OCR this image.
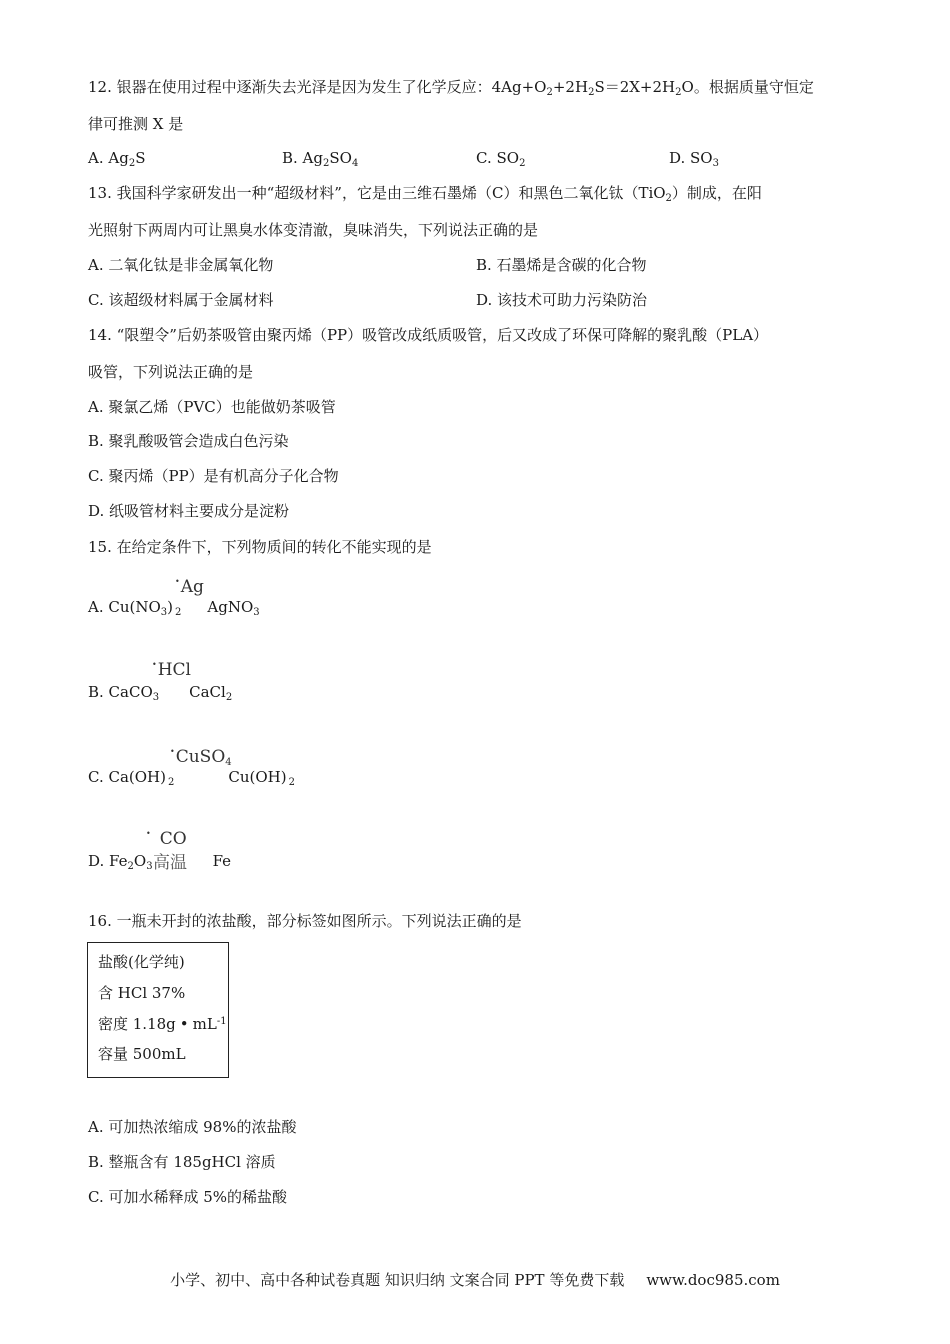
12. 银器在使用过程中逐渐失去光泽是因为发生了化学反应：$4Ag+O_2+2H_2S=2X+2H_2O$。根据质量守恒定
律可推测 X 是
A. $Ag_2S$	B. $Ag_2SO_4$	C. $SO_2$	D. $SO_3$
13. 我国科学家研发出一种“超级材料”，它是由三维石墨烯（C）和黑色二氧化钛（TiO$_2$）制成，在阳
光照射下两周内可让黑臭水体变清澈，臭味消失，下列说法正确的是
A. 二氧化钛是非金属氧化物	B. 石墨烯是含碳的化合物
C. 该超级材料属于金属材料	D. 该技术可助力污染防治
14. “限塑令”后奶茶吸管由聚丙烯（PP）吸管改成纸质吸管，后又改成了环保可降解的聚乳酸（PLA）
吸管，下列说法正确的是
A. 聚氯乙烯（PVC）也能做奶茶吸管
B. 聚乳酸吸管会造成白色污染
C. 聚丙烯（PP）是有机高分子化合物
D. 纸吸管材料主要成分是淀粉
15. 在给定条件下，下列物质间的转化不能实现的是
•Ag
A. $Cu(NO_3)$ $_2$ AgNO$_3$
•HCl
B. CaCO$_3$ CaCl$_2$
•CuSO$_4$
C. Ca(OH) $_2$	Cu(OH) $_2$
• CO
D. $Fe_2O_3$	Fe
高温
16. 一瓶未开封的浓盐酸，部分标签如图所示。下列说法正确的是
盐酸(化学纯)
含 HCl 37%
密度 1.18g • $mL^{-1}$
容量 500mL
A. 可加热浓缩成 98%的浓盐酸
B. 整瓶含有 185gHCl 溶质
C. 可加水稀释成 5%的稀盐酸
小学、初中、高中各种试卷真题 知识归纳 文案合同 PPT 等免费下载 www.doc985.com
